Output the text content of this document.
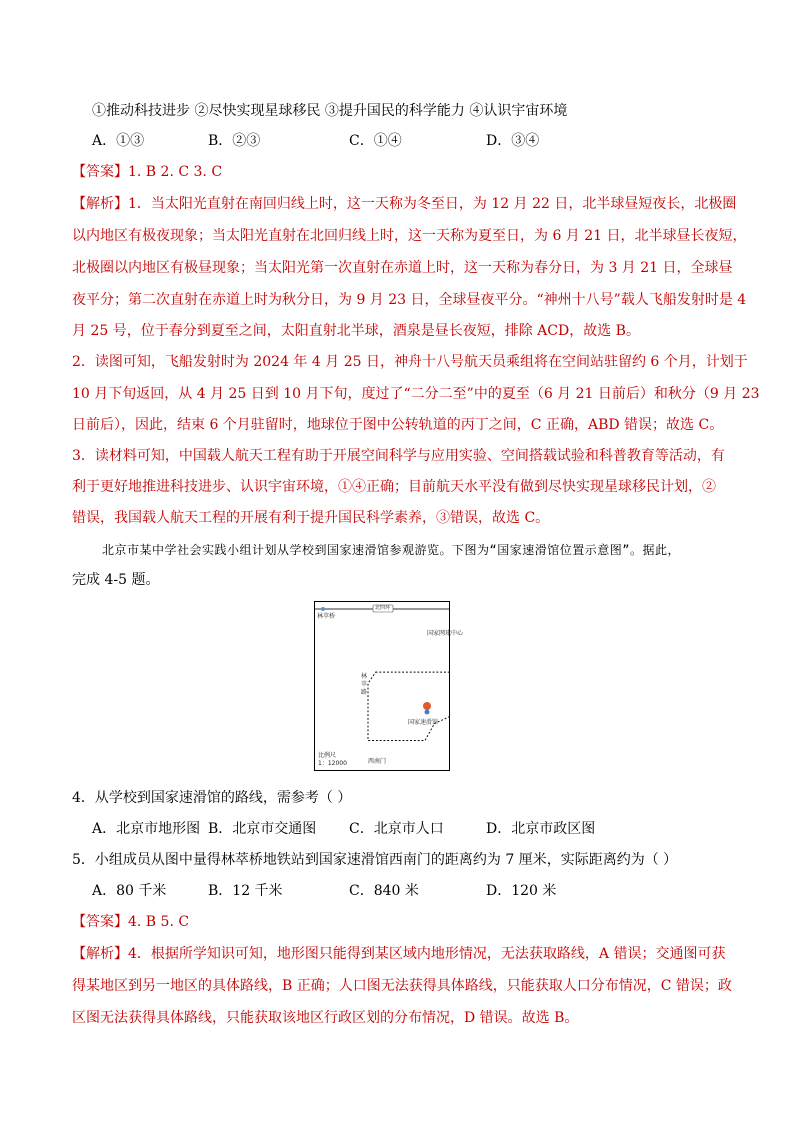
①推动科技进步 ②尽快实现星球移民 ③提升国民的科学能力 ④认识宇宙环境
A．①③	B．②③	C．①④	D．③④
【答案】1. B 2. C 3. C
【解析】1．当太阳光直射在南回归线上时，这一天称为冬至日，为 12 月 22 日，北半球昼短夜长，北极圈
以内地区有极夜现象；当太阳光直射在北回归线上时，这一天称为夏至日，为 6 月 21 日，北半球昼长夜短，
北极圈以内地区有极昼现象；当太阳光第一次直射在赤道上时，这一天称为春分日，为 3 月 21 日，全球昼
夜平分；第二次直射在赤道上时为秋分日，为 9 月 23 日，全球昼夜平分。“神州十八号”载人飞船发射时是 4
月 25 号，位于春分到夏至之间，太阳直射北半球，酒泉是昼长夜短，排除 ACD，故选 B。
2．读图可知，飞船发射时为 2024 年 4 月 25 日，神舟十八号航天员乘组将在空间站驻留约 6 个月，计划于
10 月下旬返回，从 4 月 25 日到 10 月下旬，度过了“二分二至”中的夏至（6 月 21 日前后）和秋分（9 月 23
日前后），因此，结束 6 个月驻留时，地球位于图中公转轨道的丙丁之间，C 正确，ABD 错误；故选 C。
3．读材料可知，中国载人航天工程有助于开展空间科学与应用实验、空间搭载试验和科普教育等活动，有
利于更好地推进科技进步、认识宇宙环境，①④正确；目前航天水平没有做到尽快实现星球移民计划，②
错误，我国载人航天工程的开展有利于提升国民科学素养，③错误，故选 C。
北京市某中学社会实践小组计划从学校到国家速滑馆参观游览。下图为“国家速滑馆位置示意图”。据此，
完成 4-5 题。
北四环
林萃桥
国家网球中心
林
萃
路
国家速滑馆
比例尺
1：12000	西南门
4．从学校到国家速滑馆的路线，需参考（ ）
A．北京市地形图 B．北京市交通图 C．北京市人口	D．北京市政区图
5．小组成员从图中量得林萃桥地铁站到国家速滑馆西南门的距离约为 7 厘米，实际距离约为（ ）
A．80 千米	B．12 千米	C．840 米	D．120 米
【答案】4. B 5. C
【解析】4．根据所学知识可知，地形图只能得到某区域内地形情况，无法获取路线，A 错误；交通图可获
得某地区到另一地区的具体路线，B 正确；人口图无法获得具体路线，只能获取人口分布情况，C 错误；政
区图无法获得具体路线，只能获取该地区行政区划的分布情况，D 错误。故选 B。
